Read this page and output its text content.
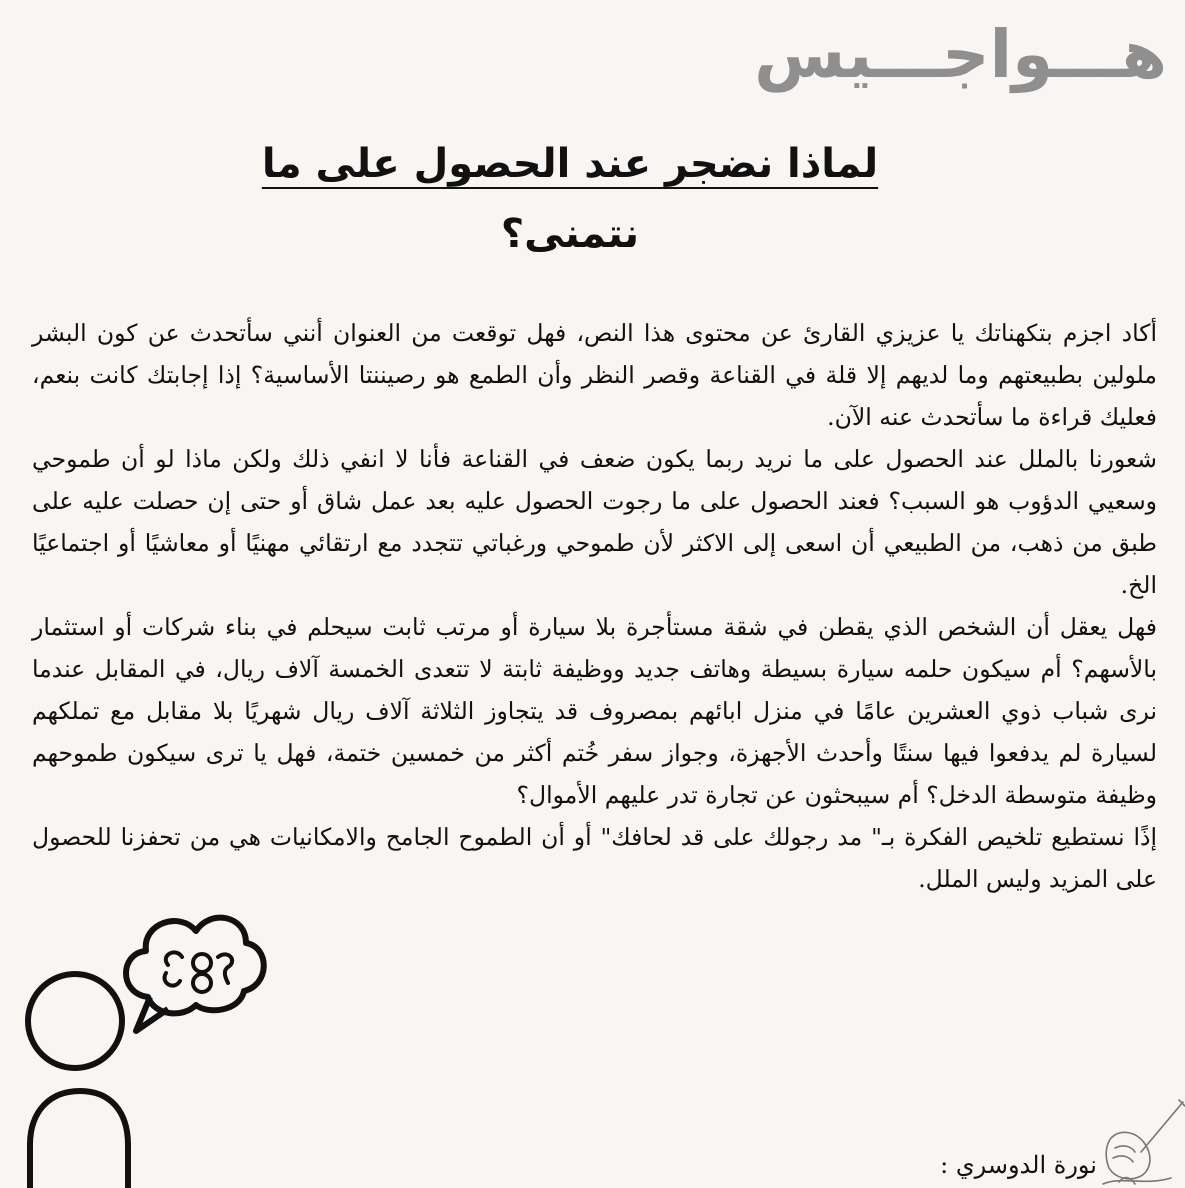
هـــواجـــيس
لماذا نضجر عند الحصول على ما
نتمنى؟

أكاد اجزم بتكهناتك يا عزيزي القارئ عن محتوى هذا النص، فهل توقعت من العنوان أنني سأتحدث عن كون البشر ملولين بطبيعتهم وما لديهم إلا قلة في القناعة وقصر النظر وأن الطمع هو رصيننتا الأساسية؟ إذا إجابتك كانت بنعم، فعليك قراءة ما سأتحدث عنه الآن.

شعورنا بالملل عند الحصول على ما نريد ربما يكون ضعف في القناعة فأنا لا انفي ذلك ولكن ماذا لو أن طموحي وسعيي الدؤوب هو السبب؟ فعند الحصول على ما رجوت الحصول عليه بعد عمل شاق أو حتى إن حصلت عليه على طبق من ذهب، من الطبيعي أن اسعى إلى الاكثر لأن طموحي ورغباتي تتجدد مع ارتقائي مهنيًا أو معاشيًا أو اجتماعيًا الخ.

فهل يعقل أن الشخص الذي يقطن في شقة مستأجرة بلا سيارة أو مرتب ثابت سيحلم في بناء شركات أو استثمار بالأسهم؟ أم سيكون حلمه سيارة بسيطة وهاتف جديد ووظيفة ثابتة لا تتعدى الخمسة آلاف ريال، في المقابل عندما نرى شباب ذوي العشرين عامًا في منزل ابائهم بمصروف قد يتجاوز الثلاثة آلاف ريال شهريًا بلا مقابل مع تملكهم لسيارة لم يدفعوا فيها سنتًا وأحدث الأجهزة، وجواز سفر خُتم أكثر من خمسين ختمة، فهل يا ترى سيكون طموحهم وظيفة متوسطة الدخل؟ أم سيبحثون عن تجارة تدر عليهم الأموال؟

إذًا نستطيع تلخيص الفكرة بـ" مد رجولك على قد لحافك" أو أن الطموح الجامح والامكانيات هي من تحفزنا للحصول على المزيد وليس الملل.

نورة الدوسري :
